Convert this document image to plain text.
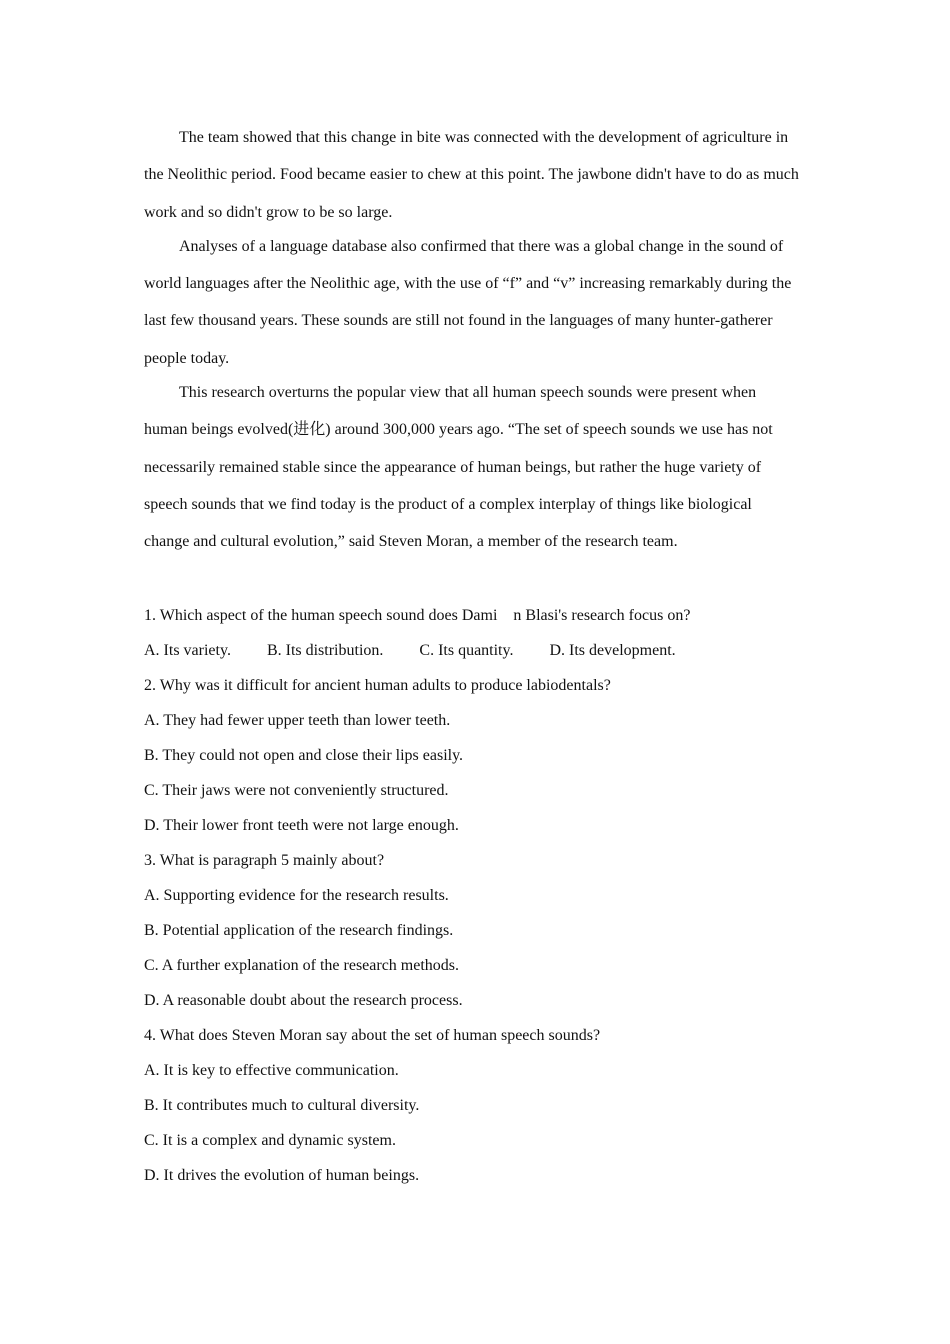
The team showed that this change in bite was connected with the development of agriculture in the Neolithic period. Food became easier to chew at this point. The jawbone didn't have to do as much work and so didn't grow to be so large.

Analyses of a language database also confirmed that there was a global change in the sound of world languages after the Neolithic age, with the use of “f” and “v” increasing remarkably during the last few thousand years. These sounds are still not found in the languages of many hunter-gatherer people today.

This research overturns the popular view that all human speech sounds were present when human beings evolved(进化) around 300,000 years ago. “The set of speech sounds we use has not necessarily remained stable since the appearance of human beings, but rather the huge variety of speech sounds that we find today is the product of a complex interplay of things like biological change and cultural evolution,” said Steven Moran, a member of the research team.

1. Which aspect of the human speech sound does Dami　n Blasi's research focus on?
A. Its variety. B. Its distribution. C. Its quantity. D. Its development.
2. Why was it difficult for ancient human adults to produce labiodentals?
A. They had fewer upper teeth than lower teeth.
B. They could not open and close their lips easily.
C. Their jaws were not conveniently structured.
D. Their lower front teeth were not large enough.
3. What is paragraph 5 mainly about?
A. Supporting evidence for the research results.
B. Potential application of the research findings.
C. A further explanation of the research methods.
D. A reasonable doubt about the research process.
4. What does Steven Moran say about the set of human speech sounds?
A. It is key to effective communication.
B. It contributes much to cultural diversity.
C. It is a complex and dynamic system.
D. It drives the evolution of human beings.
